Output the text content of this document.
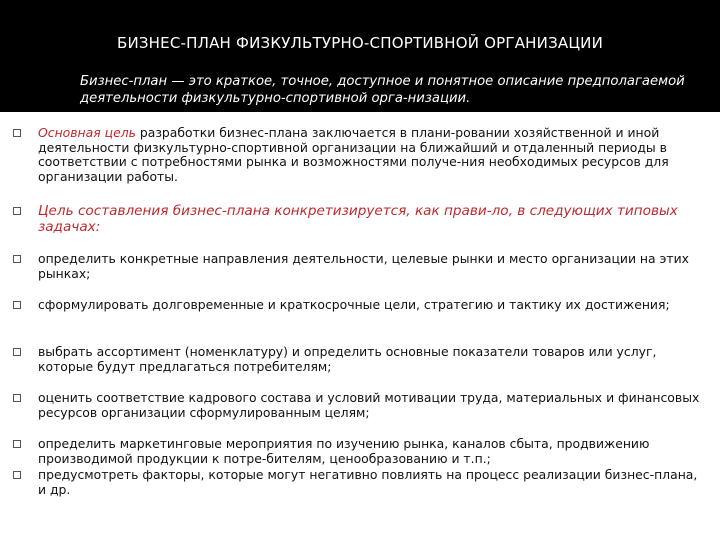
БИЗНЕС-ПЛАН ФИЗКУЛЬТУРНО-СПОРТИВНОЙ ОРГАНИЗАЦИИ
Бизнес-план — это краткое, точное, доступное и понятное описание предполагаемой деятельности физкультурно-спортивной орга-низации.
Основная цель разработки бизнес-плана заключается в плани-ровании хозяйственной и иной деятельности физкультурно-спортивной организации на ближайший и отдаленный периоды в соответствии с потребностями рынка и возможностями получе-ния необходимых ресурсов для организации работы.
Цель составления бизнес-плана конкретизируется, как прави-ло, в следующих типовых задачах:
определить конкретные направления деятельности, целевые рынки и место организации на этих рынках;
сформулировать долговременные и краткосрочные цели, стратегию и тактику их достижения;
выбрать ассортимент (номенклатуру) и определить основные показатели товаров или услуг, которые будут предлагаться потребителям;
оценить соответствие кадрового состава и условий мотивации труда, материальных и финансовых ресурсов организации сформулированным целям;
определить маркетинговые мероприятия по изучению рынка, каналов сбыта, продвижению производимой продукции к потре-бителям, ценообразованию и т.п.;
предусмотреть факторы, которые могут негативно повлиять на процесс реализации бизнес-плана, и др.
